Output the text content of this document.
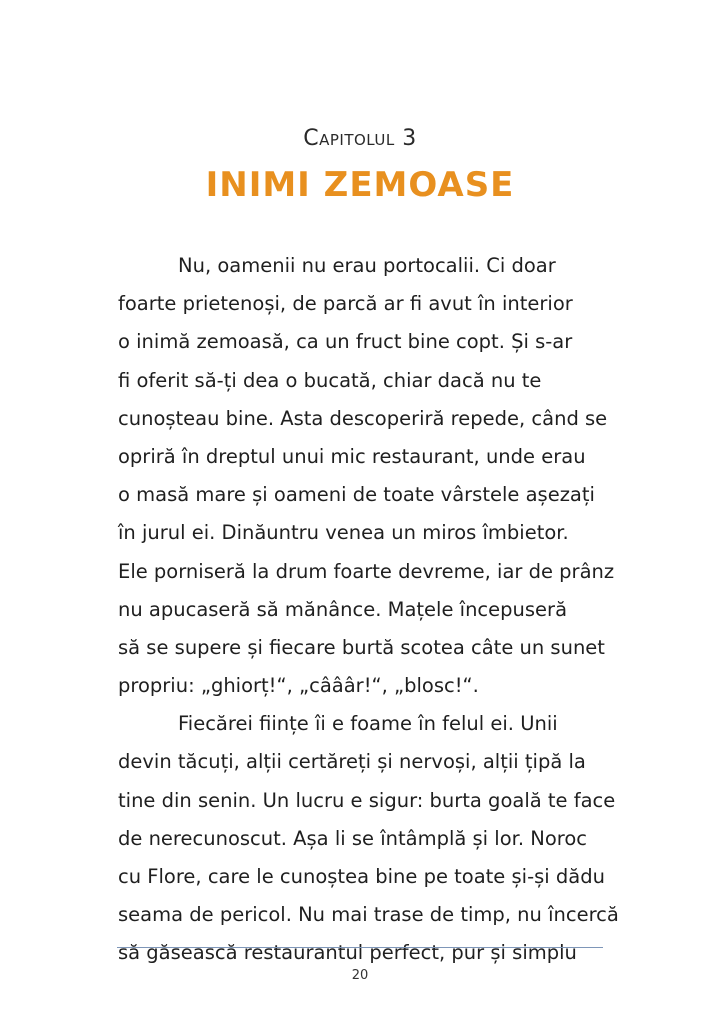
Capitolul 3
INIMI ZEMOASE
Nu, oamenii nu erau portocalii. Ci doar
foarte prietenoși, de parcă ar fi avut în interior
o inimă zemoasă, ca un fruct bine copt. Și s-ar
fi oferit să-ți dea o bucată, chiar dacă nu te
cunoșteau bine. Asta descoperiră repede, când se
opriră în dreptul unui mic restaurant, unde erau
o masă mare și oameni de toate vârstele așezați
în jurul ei. Dinăuntru venea un miros îmbietor.
Ele porniseră la drum foarte devreme, iar de prânz
nu apucaseră să mănânce. Mațele începuseră
să se supere și fiecare burtă scotea câte un sunet
propriu: „ghiorț!“, „câââr!“, „blosc!“.
Fiecărei ființe îi e foame în felul ei. Unii
devin tăcuți, alții certăreți și nervoși, alții țipă la
tine din senin. Un lucru e sigur: burta goală te face
de nerecunoscut. Așa li se întâmplă și lor. Noroc
cu Flore, care le cunoștea bine pe toate și-și dădu
seama de pericol. Nu mai trase de timp, nu încercă
să găsească restaurantul perfect, pur și simplu
20
